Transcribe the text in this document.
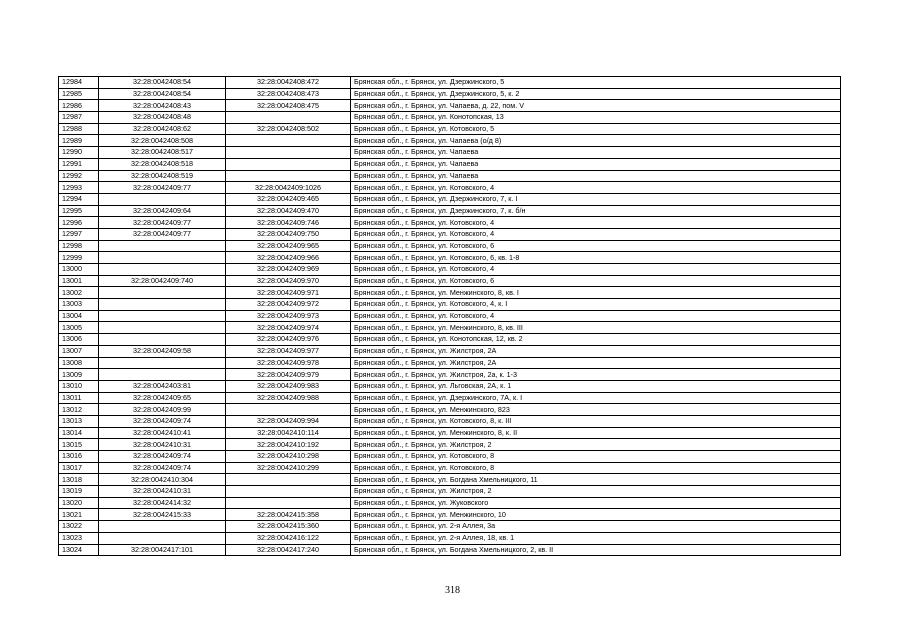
12984	32:28:0042408:54	32:28:0042408:472	Брянская обл., г. Брянск, ул. Дзержинского, 5
12985	32:28:0042408:54	32:28:0042408:473	Брянская обл., г. Брянск, ул. Дзержинского, 5, к. 2
12986	32:28:0042408:43	32:28:0042408:475	Брянская обл., г. Брянск, ул. Чапаева, д. 22, пом. V
12987	32:28:0042408:48		Брянская обл., г. Брянск, ул. Конотопская, 13
12988	32:28:0042408:62	32:28:0042408:502	Брянская обл., г. Брянск, ул. Котовского, 5
12989	32:28:0042408:508		Брянская обл., г. Брянск, ул. Чапаева (о/д 8)
12990	32:28:0042408:517		Брянская обл., г. Брянск, ул. Чапаева
12991	32:28:0042408:518		Брянская обл., г. Брянск, ул. Чапаева
12992	32:28:0042408:519		Брянская обл., г. Брянск, ул. Чапаева
12993	32:28:0042409:77	32:28:0042409:1026	Брянская обл., г. Брянск, ул. Котовского, 4
12994		32:28:0042409:465	Брянская обл., г. Брянск, ул. Дзержинского, 7, к. I
12995	32:28:0042409:64	32:28:0042409:470	Брянская обл., г. Брянск, ул. Дзержинского, 7, к. б/н
12996	32:28:0042409:77	32:28:0042409:746	Брянская обл., г. Брянск, ул. Котовского, 4
12997	32:28:0042409:77	32:28:0042409:750	Брянская обл., г. Брянск, ул. Котовского, 4
12998		32:28:0042409:965	Брянская обл., г. Брянск, ул. Котовского, 6
12999		32:28:0042409:966	Брянская обл., г. Брянск, ул. Котовского, 6, кв. 1-8
13000		32:28:0042409:969	Брянская обл., г. Брянск, ул. Котовского, 4
13001	32:28:0042409:740	32:28:0042409:970	Брянская обл., г. Брянск, ул. Котовского, 6
13002		32:28:0042409:971	Брянская обл., г. Брянск, ул. Менжинского, 8, кв. I
13003		32:28:0042409:972	Брянская обл., г. Брянск, ул. Котовского, 4, к. I
13004		32:28:0042409:973	Брянская обл., г. Брянск, ул. Котовского, 4
13005		32:28:0042409:974	Брянская обл., г. Брянск, ул. Менжинского, 8, кв. III
13006		32:28:0042409:976	Брянская обл., г. Брянск, ул. Конотопская, 12, кв. 2
13007	32:28:0042409:58	32:28:0042409:977	Брянская обл., г. Брянск, ул. Жилстроя, 2А
13008		32:28:0042409:978	Брянская обл., г. Брянск, ул. Жилстроя, 2А
13009		32:28:0042409:979	Брянская обл., г. Брянск, ул. Жилстроя, 2а, к. 1-3
13010	32:28:0042403:81	32:28:0042409:983	Брянская обл., г. Брянск, ул. Льговская, 2А, к. 1
13011	32:28:0042409:65	32:28:0042409:988	Брянская обл., г. Брянск, ул. Дзержинского, 7А, к. I
13012	32:28:0042409:99		Брянская обл., г. Брянск, ул. Менжинского, 823
13013	32:28:0042409:74	32:28:0042409:994	Брянская обл., г. Брянск, ул. Котовского, 8, к. III
13014	32:28:0042410:41	32:28:0042410:114	Брянская обл., г. Брянск, ул. Менжинского, 8, к. II
13015	32:28:0042410:31	32:28:0042410:192	Брянская обл., г. Брянск, ул. Жилстроя, 2
13016	32:28:0042409:74	32:28:0042410:298	Брянская обл., г. Брянск, ул. Котовского, 8
13017	32:28:0042409:74	32:28:0042410:299	Брянская обл., г. Брянск, ул. Котовского, 8
13018	32:28:0042410:304		Брянская обл., г. Брянск, ул. Богдана Хмельницкого, 11
13019	32:28:0042410:31		Брянская обл., г. Брянск, ул. Жилстроя, 2
13020	32:28:0042414:32		Брянская обл., г. Брянск, ул. Жуковского
13021	32:28:0042415:33	32:28:0042415:358	Брянская обл., г. Брянск, ул. Менжинского, 10
13022		32:28:0042415:360	Брянская обл., г. Брянск, ул. 2-я Аллея, 3а
13023		32:28:0042416:122	Брянская обл., г. Брянск, ул. 2-я Аллея, 18, кв. 1
13024	32:28:0042417:101	32:28:0042417:240	Брянская обл., г. Брянск, ул. Богдана Хмельницкого, 2, кв. II
318
